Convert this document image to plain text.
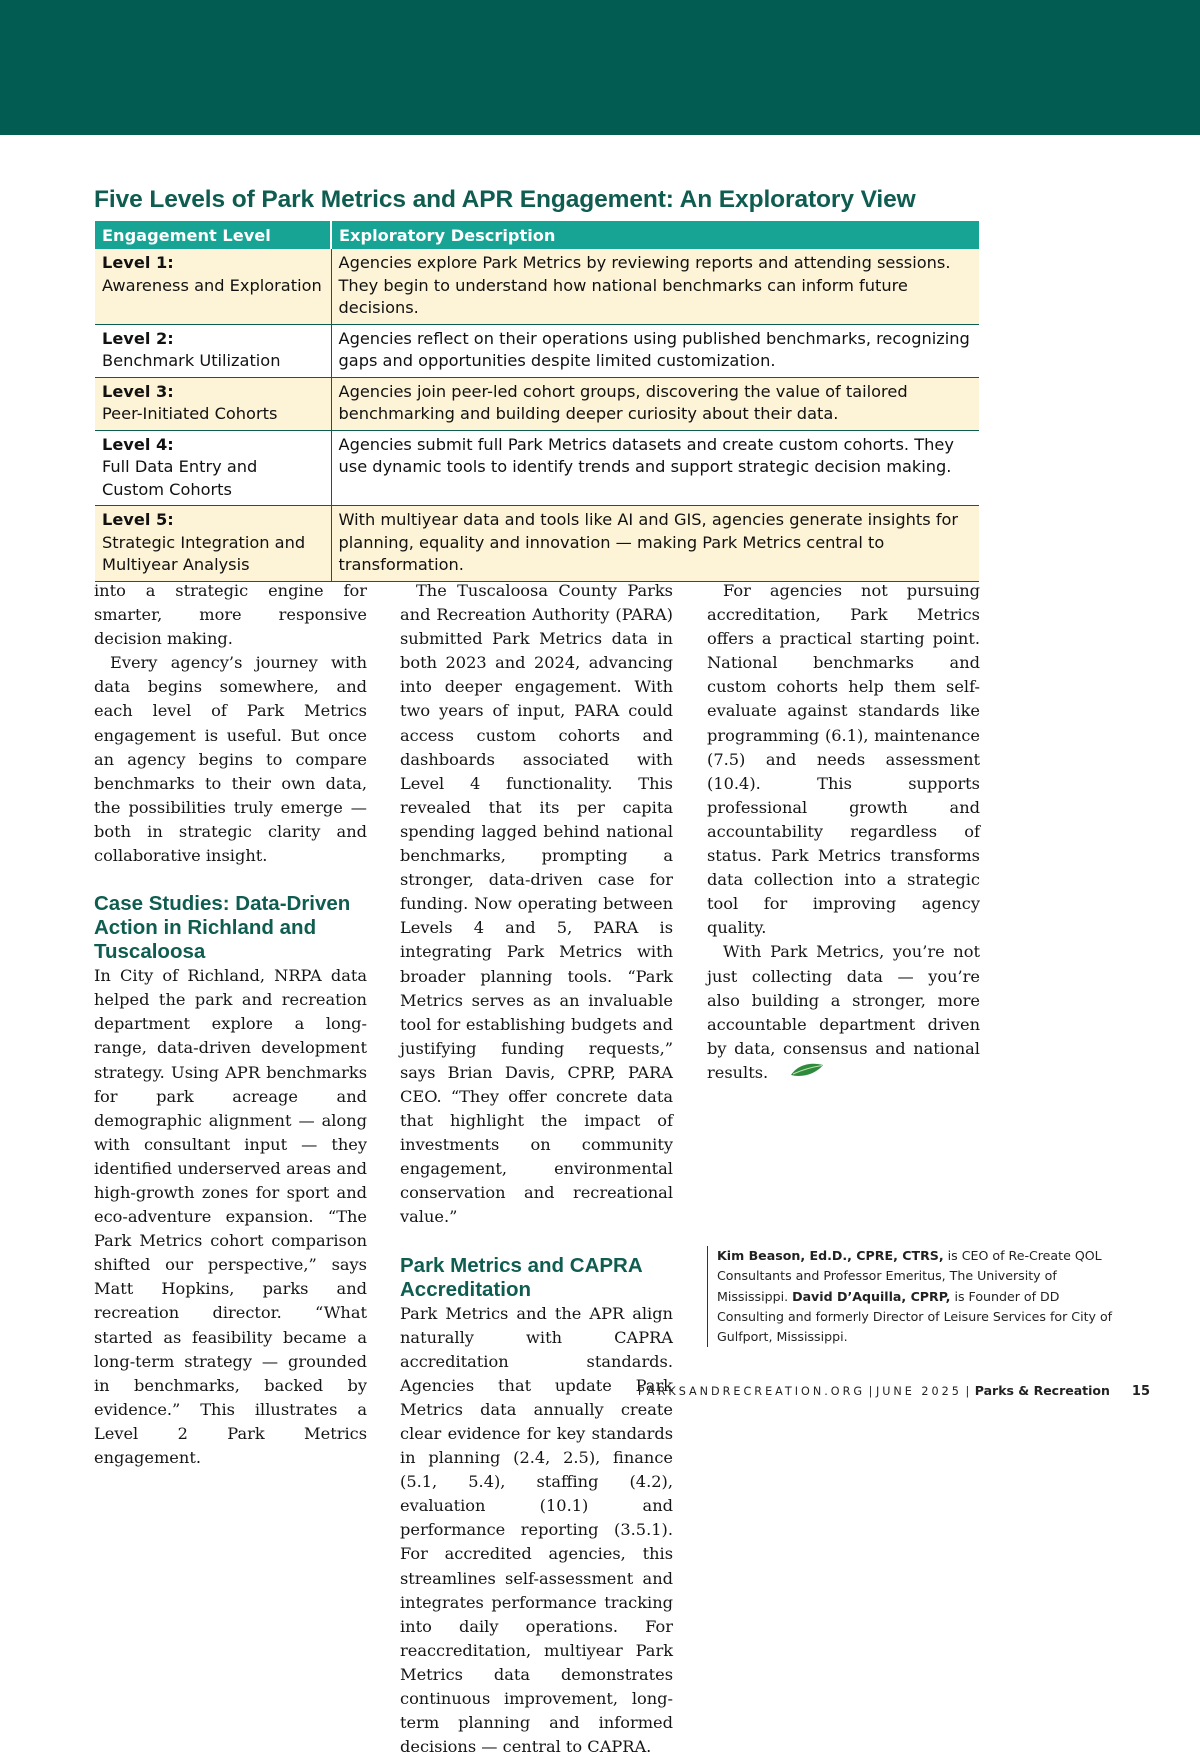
Five Levels of Park Metrics and APR Engagement: An Exploratory View
Engagement Level	Exploratory Description

Level 1:
Awareness and Exploration	Agencies explore Park Metrics by reviewing reports and attending sessions. They begin to understand how national benchmarks can inform future decisions.

Level 2:
Benchmark Utilization	Agencies reflect on their operations using published benchmarks, recognizing gaps and opportunities despite limited customization.

Level 3:
Peer-Initiated Cohorts	Agencies join peer-led cohort groups, discovering the value of tailored benchmarking and building deeper curiosity about their data.

Level 4:
Full Data Entry and Custom Cohorts	Agencies submit full Park Metrics datasets and create custom cohorts. They use dynamic tools to identify trends and support strategic decision making.

Level 5:
Strategic Integration and Multiyear Analysis	With multiyear data and tools like AI and GIS, agencies generate insights for planning, equality and innovation — making Park Metrics central to transformation.

into a strategic engine for smarter, more responsive decision making.

Every agency’s journey with data begins somewhere, and each level of Park Metrics engagement is useful. But once an agency begins to compare benchmarks to their own data, the possibilities truly emerge — both in strategic clarity and collaborative insight.

Case Studies: Data-Driven Action in Richland and Tuscaloosa

In City of Richland, NRPA data helped the park and recreation department explore a long-range, data-driven development strategy. Using APR benchmarks for park acreage and demographic alignment — along with consultant input — they identified underserved areas and high-growth zones for sport and eco-adventure expansion. “The Park Metrics cohort comparison shifted our perspective,” says Matt Hopkins, parks and recreation director. “What started as feasibility became a long-term strategy — grounded in benchmarks, backed by evidence.” This illustrates a Level 2 Park Metrics engagement.

The Tuscaloosa County Parks and Recreation Authority (PARA) submitted Park Metrics data in both 2023 and 2024, advancing into deeper engagement. With two years of input, PARA could access custom cohorts and dashboards associated with Level 4 functionality. This revealed that its per capita spending lagged behind national benchmarks, prompting a stronger, data-driven case for funding. Now operating between Levels 4 and 5, PARA is integrating Park Metrics with broader planning tools. “Park Metrics serves as an invaluable tool for establishing budgets and justifying funding requests,” says Brian Davis, CPRP, PARA CEO. “They offer concrete data that highlight the impact of investments on community engagement, environmental conservation and recreational value.”

Park Metrics and CAPRA Accreditation

Park Metrics and the APR align naturally with CAPRA accreditation standards. Agencies that update Park Metrics data annually create clear evidence for key standards in planning (2.4, 2.5), finance (5.1, 5.4), staffing (4.2), evaluation (10.1) and performance reporting (3.5.1). For accredited agencies, this streamlines self-assessment and integrates performance tracking into daily operations. For reaccreditation, multiyear Park Metrics data demonstrates continuous improvement, long-term planning and informed decisions — central to CAPRA.

For agencies not pursuing accreditation, Park Metrics offers a practical starting point. National benchmarks and custom cohorts help them self-evaluate against standards like programming (6.1), maintenance (7.5) and needs assessment (10.4). This supports professional growth and accountability regardless of status. Park Metrics transforms data collection into a strategic tool for improving agency quality.

With Park Metrics, you’re not just collecting data — you’re also building a stronger, more accountable department driven by data, consensus and national results.

Kim Beason, Ed.D., CPRE, CTRS, is CEO of Re-Create QOL Consultants and Professor Emeritus, The University of Mississippi. David D’Aquilla, CPRP, is Founder of DD Consulting and formerly Director of Leisure Services for City of Gulfport, Mississippi.
PARKSANDRECREATION.ORG | JUNE 2025 | Parks & Recreation 15
